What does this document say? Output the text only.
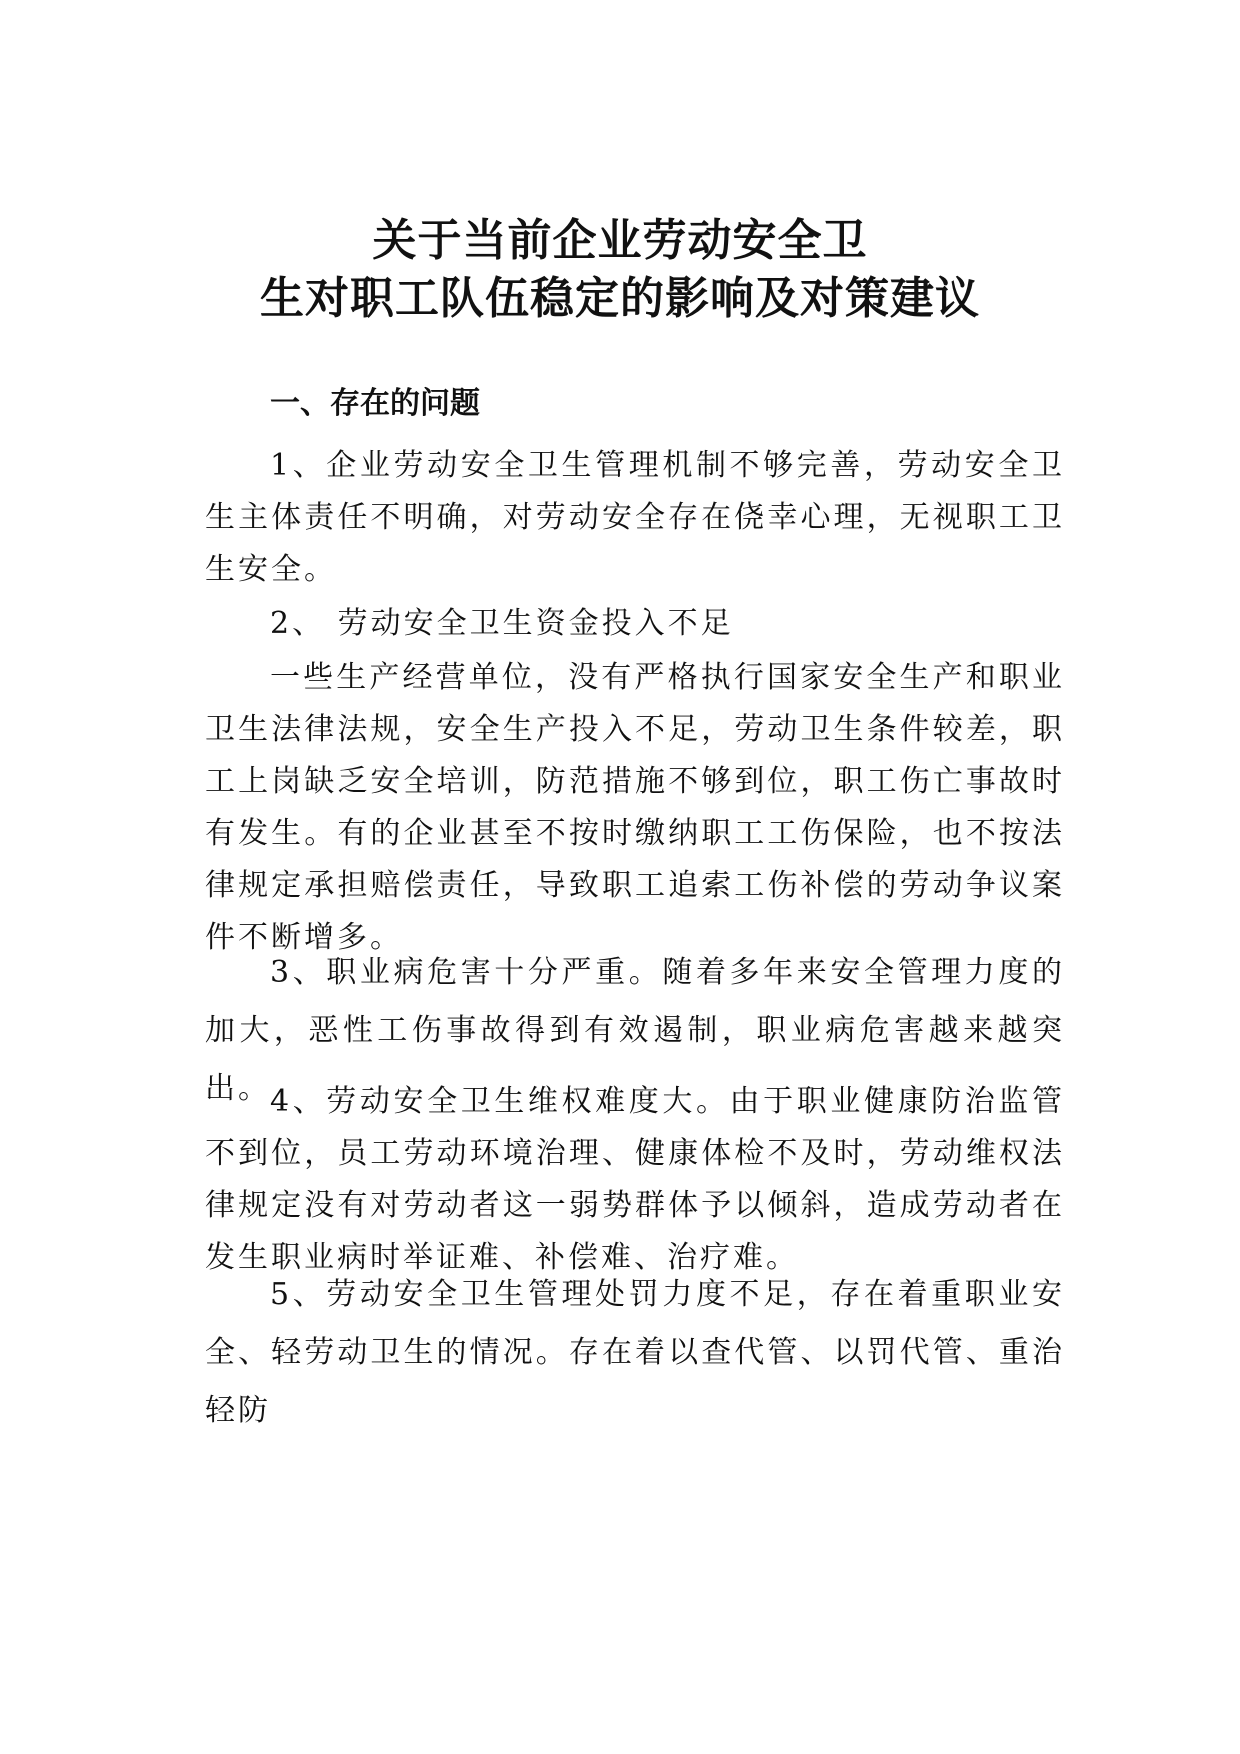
关于当前企业劳动安全卫
生对职工队伍稳定的影响及对策建议
一、存在的问题

1、企业劳动安全卫生管理机制不够完善，劳动安全卫生主体责任不明确，对劳动安全存在侥幸心理，无视职工卫生安全。

2、 劳动安全卫生资金投入不足

一些生产经营单位，没有严格执行国家安全生产和职业卫生法律法规，安全生产投入不足，劳动卫生条件较差，职工上岗缺乏安全培训，防范措施不够到位，职工伤亡事故时有发生。有的企业甚至不按时缴纳职工工伤保险，也不按法律规定承担赔偿责任，导致职工追索工伤补偿的劳动争议案件不断增多。

3、职业病危害十分严重。随着多年来安全管理力度的加大，恶性工伤事故得到有效遏制，职业病危害越来越突出。 4、劳动安全卫生维权难度大。由于职业健康防治监管不到位，员工劳动环境治理、健康体检不及时，劳动维权法律规定没有对劳动者这一弱势群体予以倾斜，造成劳动者在发生职业病时举证难、补偿难、治疗难。

5、劳动安全卫生管理处罚力度不足，存在着重职业安全、轻劳动卫生的情况。存在着以查代管、以罚代管、重治轻防
